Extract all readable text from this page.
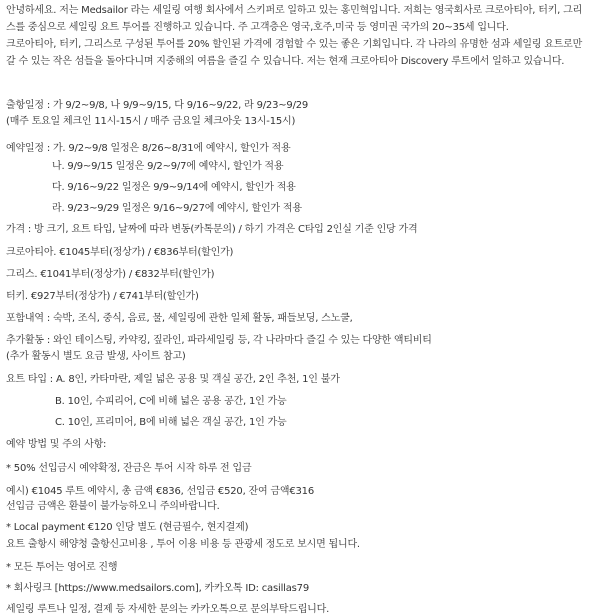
안녕하세요. 저는 Medsailor 라는 세일링 여행 회사에서 스키퍼로 일하고 있는 홍민혁입니다. 저희는 영국회사로 크로아티아, 터키, 그리
스를 중심으로 세일링 요트 투어를 진행하고 있습니다. 주 고객층은 영국,호주,미국 등 영미권 국가의 20~35세 입니다.
크로아티아, 터키, 그리스로 구성된 투어를 20% 할인된 가격에 경험할 수 있는 좋은 기회입니다. 각 나라의 유명한 섬과 세일링 요트로만
갈 수 있는 작은 섬들을 돌아다니며 지중해의 여름을 즐길 수 있습니다. 저는 현재 크로아티아 Discovery 루트에서 일하고 있습니다.
출항일정 : 가 9/2~9/8, 나 9/9~9/15, 다 9/16~9/22, 라 9/23~9/29
(매주 토요일 체크인 11시-15시 / 매주 금요일 체크아웃 13시-15시)
예약일정 : 가. 9/2~9/8 일정은 8/26~8/31에 예약시, 할인가 적용
나. 9/9~9/15 일정은 9/2~9/7에 예약시, 할인가 적용
다. 9/16~9/22 일정은 9/9~9/14에 예약시, 할인가 적용
라. 9/23~9/29 일정은 9/16~9/27에 예약시, 할인가 적용
가격 : 방 크기, 요트 타입, 날짜에 따라 변동(카톡문의) / 하기 가격은 C타입 2인실 기준 인당 가격
크로아티아. €1045부터(정상가) / €836부터(할인가)
그리스. €1041부터(정상가) / €832부터(할인가)
터키. €927부터(정상가) / €741부터(할인가)
포함내역 : 숙박, 조식, 중식, 음료, 물, 세일링에 관한 일체 활동, 패들보딩, 스노쿨,
추가활동 : 와인 테이스팅, 카약킹, 짚라인, 파라세일링 등, 각 나라마다 즐길 수 있는 다양한 액티비티
(추가 활동시 별도 요금 발생, 사이트 참고)
요트 타입 : A. 8인, 카타마란, 제일 넓은 공용 및 객실 공간, 2인 추천, 1인 불가
B. 10인, 수피리어, C에 비해 넓은 공용 공간, 1인 가능
C. 10인, 프리미어, B에 비해 넓은 객실 공간, 1인 가능
예약 방법 및 주의 사항:
* 50% 선입금시 예약확정, 잔금은 투어 시작 하루 전 입금
예시) €1045 루트 예약시, 총 금액 €836, 선입금 €520, 잔여 금액€316
선입금 금액은 환불이 불가능하오니 주의바랍니다.
* Local payment €120 인당 별도 (현금필수, 현지결제)
요트 출항시 해양청 출항신고비용 , 투어 이용 비용 등 관광세 정도로 보시면 됩니다.
* 모든 투어는 영어로 진행
* 회사링크 [https://www.medsailors.com], 카카오톡 ID: casillas79
세일링 루트나 일정, 결제 등 자세한 문의는 카카오톡으로 문의부탁드립니다.
